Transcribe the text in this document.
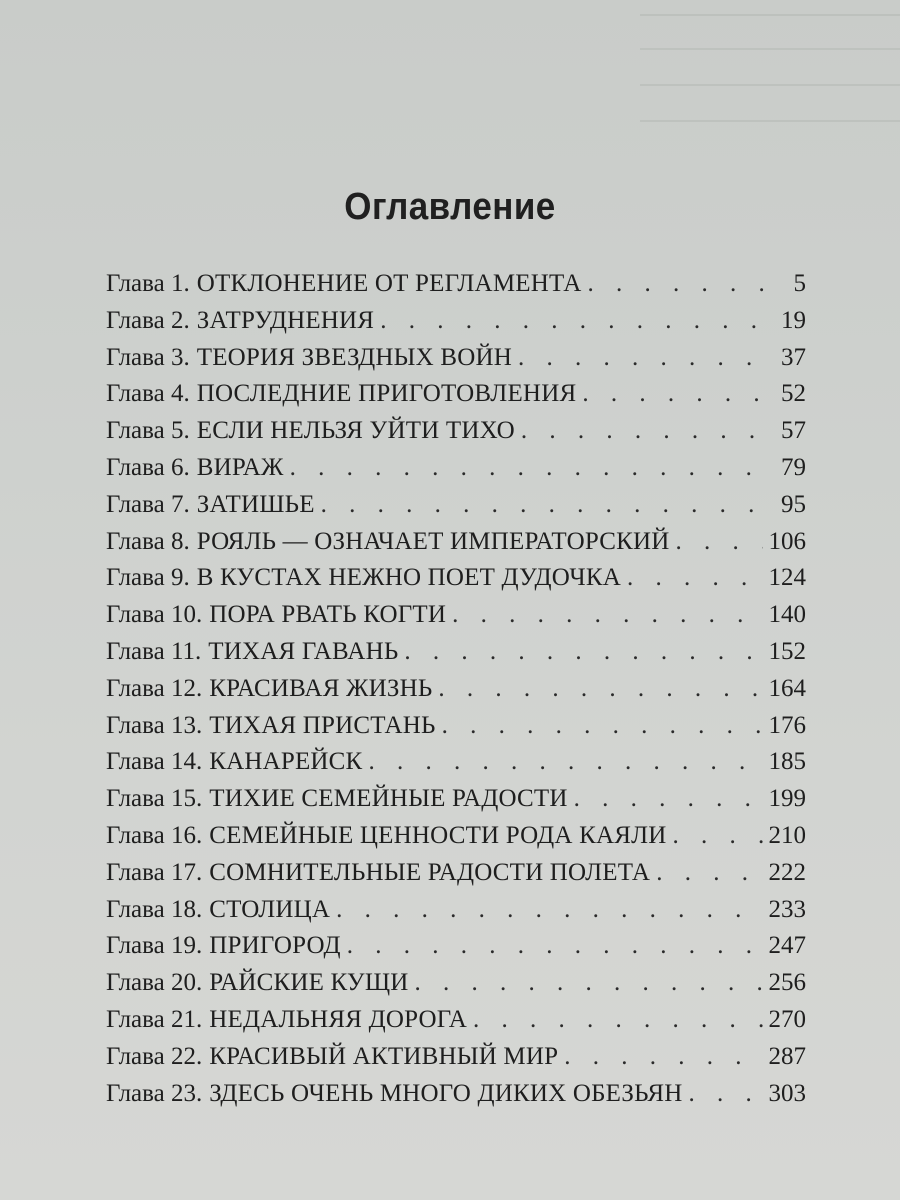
Оглавление
Глава 1. ОТКЛОНЕНИЕ ОТ РЕГЛАМЕНТА . . .	5
Глава 2. ЗАТРУДНЕНИЯ . . .	19
Глава 3. ТЕОРИЯ ЗВЕЗДНЫХ ВОЙН . . .	37
Глава 4. ПОСЛЕДНИЕ ПРИГОТОВЛЕНИЯ . . .	52
Глава 5. ЕСЛИ НЕЛЬЗЯ УЙТИ ТИХО . . .	57
Глава 6. ВИРАЖ . . .	79
Глава 7. ЗАТИШЬЕ . . .	95
Глава 8. РОЯЛЬ — ОЗНАЧАЕТ ИМПЕРАТОРСКИЙ . . .	106
Глава 9. В КУСТАХ НЕЖНО ПОЕТ ДУДОЧКА . . .	124
Глава 10. ПОРА РВАТЬ КОГТИ . . .	140
Глава 11. ТИХАЯ ГАВАНЬ . . .	152
Глава 12. КРАСИВАЯ ЖИЗНЬ . . .	164
Глава 13. ТИХАЯ ПРИСТАНЬ . . .	176
Глава 14. КАНАРЕЙСК . . .	185
Глава 15. ТИХИЕ СЕМЕЙНЫЕ РАДОСТИ . . .	199
Глава 16. СЕМЕЙНЫЕ ЦЕННОСТИ РОДА КАЯЛИ . . .	210
Глава 17. СОМНИТЕЛЬНЫЕ РАДОСТИ ПОЛЕТА . . .	222
Глава 18. СТОЛИЦА . . .	233
Глава 19. ПРИГОРОД . . .	247
Глава 20. РАЙСКИЕ КУЩИ . . .	256
Глава 21. НЕДАЛЬНЯЯ ДОРОГА . . .	270
Глава 22. КРАСИВЫЙ АКТИВНЫЙ МИР . . .	287
Глава 23. ЗДЕСЬ ОЧЕНЬ МНОГО ДИКИХ ОБЕЗЬЯН . . .	303
